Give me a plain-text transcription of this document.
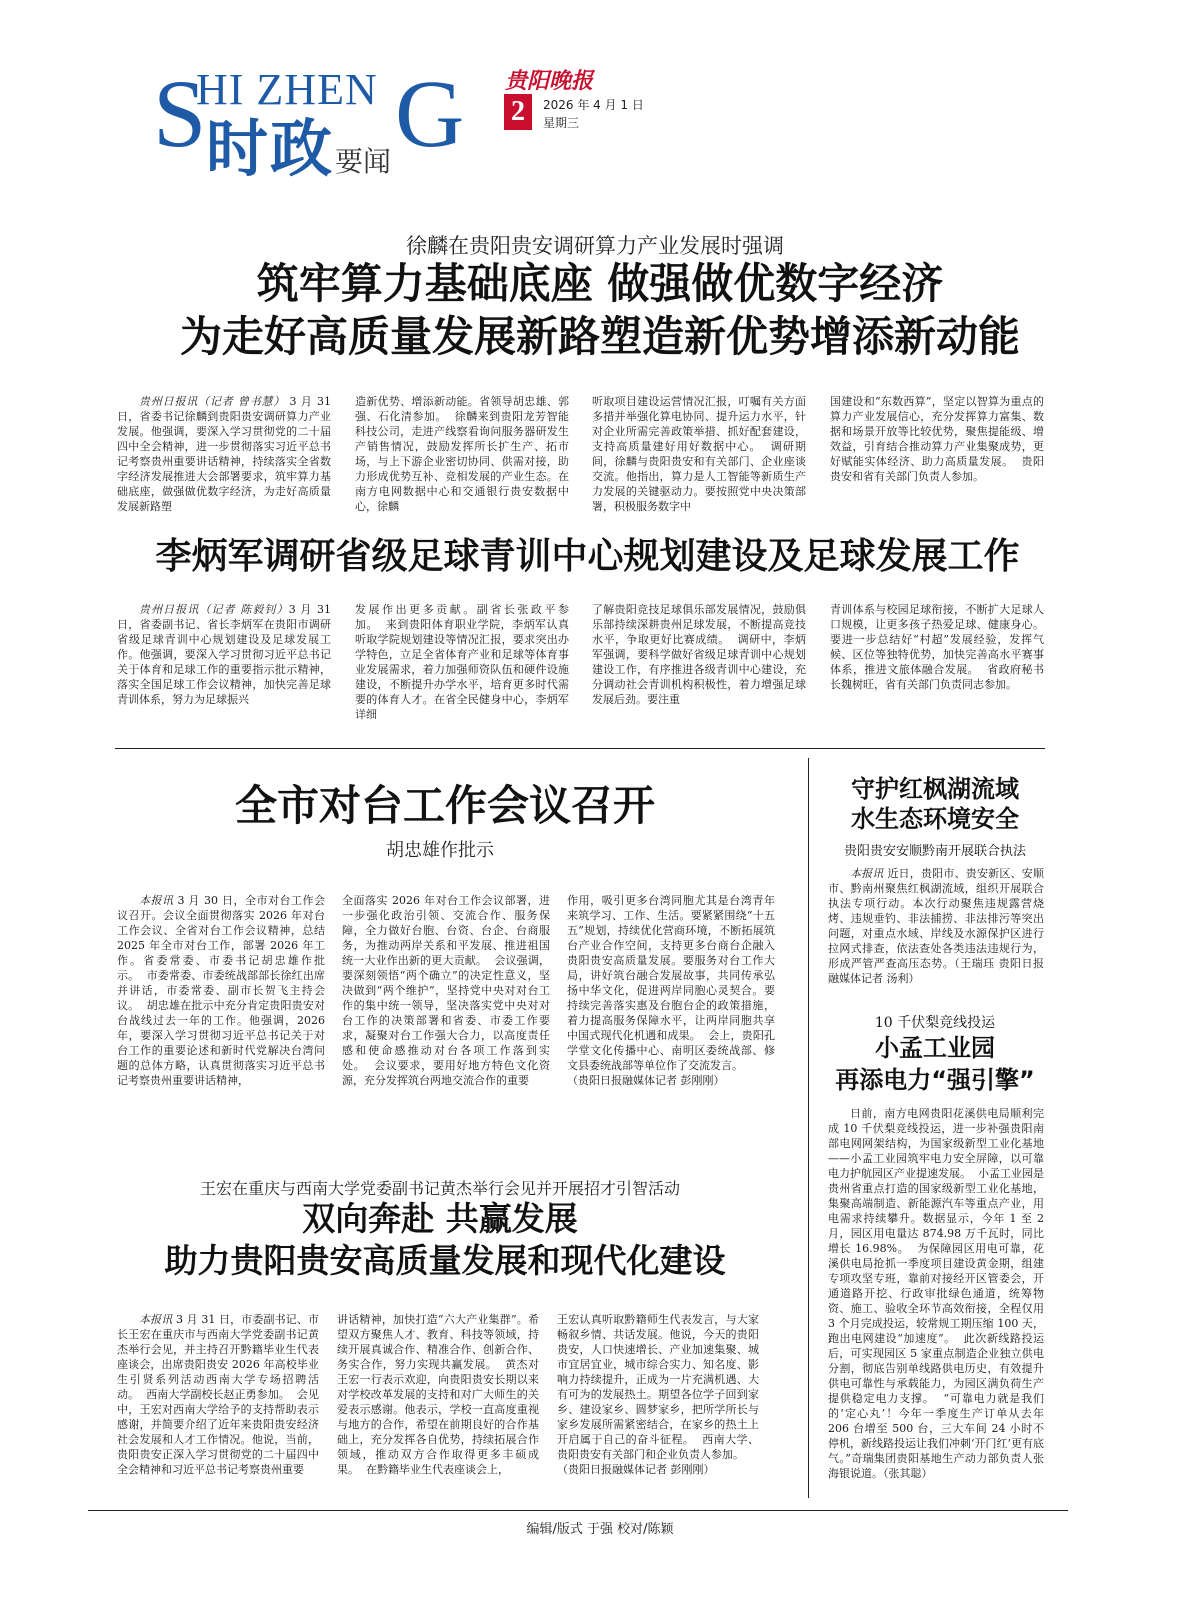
S
HI ZHEN G
时政 要闻
贵阳晚报
2	2026 年 4 月 1 日
星期三
徐麟在贵阳贵安调研算力产业发展时强调
筑牢算力基础底座 做强做优数字经济
为走好高质量发展新路塑造新优势增添新动能

贵州日报讯（记者 曾书慧） 3 月 31 日，省委书记徐麟到贵阳贵安调研算力产业发展。他强调，要深入学习贯彻党的二十届四中全会精神，进一步贯彻落实习近平总书记考察贵州重要讲话精神，持续落实全省数字经济发展推进大会部署要求，筑牢算力基础底座，做强做优数字经济，为走好高质量发展新路塑

造新优势、增添新动能。省领导胡忠雄、郭强、石化清参加。  徐麟来到贵阳龙芳智能科技公司，走进产线察看询问服务器研发生产销售情况，鼓励发挥所长扩生产、拓市场，与上下游企业密切协同、供需对接，助力形成优势互补、竞相发展的产业生态。在南方电网数据中心和交通银行贵安数据中心，徐麟
听取项目建设运营情况汇报，叮嘱有关方面多措并举强化算电协同、提升运力水平，针对企业所需完善政策举措、抓好配套建设，支持高质量建好用好数据中心。  调研期间，徐麟与贵阳贵安和有关部门、企业座谈交流。他指出，算力是人工智能等新质生产力发展的关键驱动力。要按照党中央决策部署，积极服务数字中
国建设和“东数西算”，坚定以智算为重点的算力产业发展信心，充分发挥算力富集、数据和场景开放等比较优势，聚焦提能级、增效益，引育结合推动算力产业集聚成势，更好赋能实体经济、助力高质量发展。  贵阳贵安和省有关部门负责人参加。
李炳军调研省级足球青训中心规划建设及足球发展工作

贵州日报讯（记者 陈毅钊）3 月 31 日，省委副书记、省长李炳军在贵阳市调研省级足球青训中心规划建设及足球发展工作。他强调，要深入学习贯彻习近平总书记关于体育和足球工作的重要指示批示精神，落实全国足球工作会议精神，加快完善足球青训体系，努力为足球振兴

发展作出更多贡献。副省长张政平参加。  来到贵阳体育职业学院，李炳军认真听取学院规划建设等情况汇报，要求突出办学特色，立足全省体育产业和足球等体育事业发展需求，着力加强师资队伍和硬件设施建设，不断提升办学水平，培育更多时代需要的体育人才。在省全民健身中心，李炳军详细
了解贵阳竞技足球俱乐部发展情况，鼓励俱乐部持续深耕贵州足球发展，不断提高竞技水平，争取更好比赛成绩。  调研中，李炳军强调，要科学做好省级足球青训中心规划建设工作，有序推进各级青训中心建设，充分调动社会青训机构积极性，着力增强足球发展后劲。要注重
青训体系与校园足球衔接，不断扩大足球人口规模，让更多孩子热爱足球、健康身心。要进一步总结好“村超”发展经验，发挥气候、区位等独特优势，加快完善高水平赛事体系，推进文旅体融合发展。  省政府秘书长魏树旺，省有关部门负责同志参加。
全市对台工作会议召开
胡忠雄作批示

本报讯 3 月 30 日，全市对台工作会议召开。会议全面贯彻落实 2026 年对台工作会议、全省对台工作会议精神，总结 2025 年全市对台工作，部署 2026 年工作。省委常委、市委书记胡忠雄作批示。  市委常委、市委统战部部长徐红出席并讲话，市委常委、副市长贺飞主持会议。  胡忠雄在批示中充分肯定贵阳贵安对台战线过去一年的工作。他强调，2026 年，要深入学习贯彻习近平总书记关于对台工作的重要论述和新时代党解决台湾问题的总体方略，认真贯彻落实习近平总书记考察贵州重要讲话精神，

全面落实 2026 年对台工作会议部署，进一步强化政治引领、交流合作、服务保障，全力做好台胞、台资、台企、台商服务，为推动两岸关系和平发展、推进祖国统一大业作出新的更大贡献。  会议强调，要深刻领悟“两个确立”的决定性意义，坚决做到“两个维护”，坚持党中央对对台工作的集中统一领导，坚决落实党中央对对台工作的决策部署和省委、市委工作要求，凝聚对台工作强大合力，以高度责任感和使命感推动对台各项工作落到实处。  会议要求，要用好地方特色文化资源，充分发挥筑台两地交流合作的重要
作用，吸引更多台湾同胞尤其是台湾青年来筑学习、工作、生活。要紧紧围绕“十五五”规划，持续优化营商环境，不断拓展筑台产业合作空间，支持更多台商台企融入贵阳贵安高质量发展。要服务对台工作大局，讲好筑台融合发展故事，共同传承弘扬中华文化，促进两岸同胞心灵契合。要持续完善落实惠及台胞台企的政策措施，着力提高服务保障水平，让两岸同胞共享中国式现代化机遇和成果。  会上，贵阳孔学堂文化传播中心、南明区委统战部、修文县委统战部等单位作了交流发言。
（贵阳日报融媒体记者 彭刚刚）
守护红枫湖流域
水生态环境安全
贵阳贵安安顺黔南开展联合执法

本报讯 近日，贵阳市、贵安新区、安顺市、黔南州聚焦红枫湖流域，组织开展联合执法专项行动。本次行动聚焦违规露营烧烤、违规垂钓、非法捕捞、非法排污等突出问题，对重点水域、岸线及水源保护区进行拉网式排查，依法查处各类违法违规行为，形成严管严查高压态势。（王瑞珏 贵阳日报融媒体记者 汤利）

10 千伏梨竞线投运
小孟工业园
再添电力“强引擎”

日前，南方电网贵阳花溪供电局顺利完成 10 千伏梨竞线投运，进一步补强贵阳南部电网网架结构，为国家级新型工业化基地——小孟工业园筑牢电力安全屏障，以可靠电力护航园区产业提速发展。  小孟工业园是贵州省重点打造的国家级新型工业化基地，集聚高端制造、新能源汽车等重点产业，用电需求持续攀升。数据显示，今年 1 至 2 月，园区用电量达 874.98 万千瓦时，同比增长 16.98%。  为保障园区用电可靠，花溪供电局抢抓一季度项目建设黄金期，组建专项攻坚专班，靠前对接经开区管委会，开通道路开挖、行政审批绿色通道，统筹物资、施工、验收全环节高效衔接，全程仅用 3 个月完成投运，较常规工期压缩 100 天，跑出电网建设“加速度”。  此次新线路投运后，可实现园区 5 家重点制造企业独立供电分割，彻底告别单线路供电历史，有效提升供电可靠性与承载能力，为园区满负荷生产提供稳定电力支撑。  “可靠电力就是我们的‘定心丸’！今年一季度生产订单从去年 206 台增至 500 台，三大车间 24 小时不停机，新线路投运让我们冲刺‘开门红’更有底气。”奇瑞集团贵阳基地生产动力部负责人张海银说道。（张其聪）

王宏在重庆与西南大学党委副书记黄杰举行会见并开展招才引智活动
双向奔赴 共赢发展
助力贵阳贵安高质量发展和现代化建设

本报讯 3 月 31 日，市委副书记、市长王宏在重庆市与西南大学党委副书记黄杰举行会见，并主持召开黔籍毕业生代表座谈会，出席贵阳贵安 2026 年高校毕业生引贤系列活动西南大学专场招聘活动。  西南大学副校长赵正勇参加。  会见中，王宏对西南大学给予的支持帮助表示感谢，并简要介绍了近年来贵阳贵安经济社会发展和人才工作情况。他说，当前，贵阳贵安正深入学习贯彻党的二十届四中全会精神和习近平总书记考察贵州重要

讲话精神，加快打造“六大产业集群”。希望双方聚焦人才、教育、科技等领域，持续开展真诚合作、精准合作、创新合作、务实合作，努力实现共赢发展。  黄杰对王宏一行表示欢迎，向贵阳贵安长期以来对学校改革发展的支持和对广大师生的关爱表示感谢。他表示，学校一直高度重视与地方的合作，希望在前期良好的合作基础上，充分发挥各自优势，持续拓展合作领域，推动双方合作取得更多丰硕成果。  在黔籍毕业生代表座谈会上，
王宏认真听取黔籍师生代表发言，与大家畅叙乡情、共话发展。他说，今天的贵阳贵安，人口快速增长、产业加速集聚、城市宜居宜业，城市综合实力、知名度、影响力持续提升，正成为一片充满机遇、大有可为的发展热土。期望各位学子回到家乡、建设家乡、圆梦家乡，把所学所长与家乡发展所需紧密结合，在家乡的热土上开启属于自己的奋斗征程。  西南大学、贵阳贵安有关部门和企业负责人参加。
（贵阳日报融媒体记者 彭刚刚）
编辑/版式 于强 校对/陈颖
